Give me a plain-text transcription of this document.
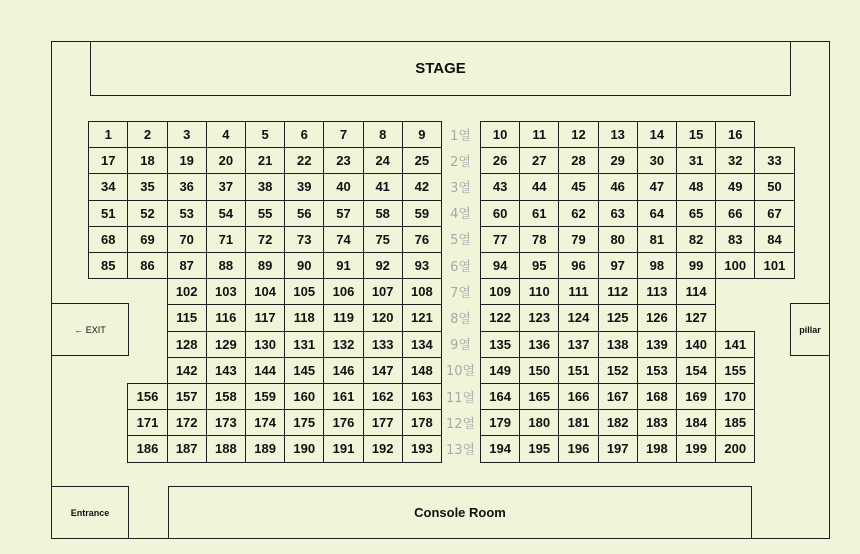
STAGE
← EXIT	pillar
Entrance	Console Room
1	2	3	4	5	6	7	8	9	10	11	12	13	14	15	16
1열
17	18	19	20	21	22	23	24	25	26	27	28	29	30	31	32	33
2열
34	35	36	37	38	39	40	41	42	43	44	45	46	47	48	49	50
3열
51	52	53	54	55	56	57	58	59	60	61	62	63	64	65	66	67
4열
68	69	70	71	72	73	74	75	76	77	78	79	80	81	82	83	84
5열
85	86	87	88	89	90	91	92	93	94	95	96	97	98	99	100	101
6열
102	103	104	105	106	107	108	109	110	111	112	113	114
7열
115	116	117	118	119	120	121	122	123	124	125	126	127
8열
128	129	130	131	132	133	134	135	136	137	138	139	140	141
9열
142	143	144	145	146	147	148	149	150	151	152	153	154	155
10열
156	157	158	159	160	161	162	163	164	165	166	167	168	169	170
11열
171	172	173	174	175	176	177	178	179	180	181	182	183	184	185
12열
186	187	188	189	190	191	192	193	194	195	196	197	198	199	200
13열
